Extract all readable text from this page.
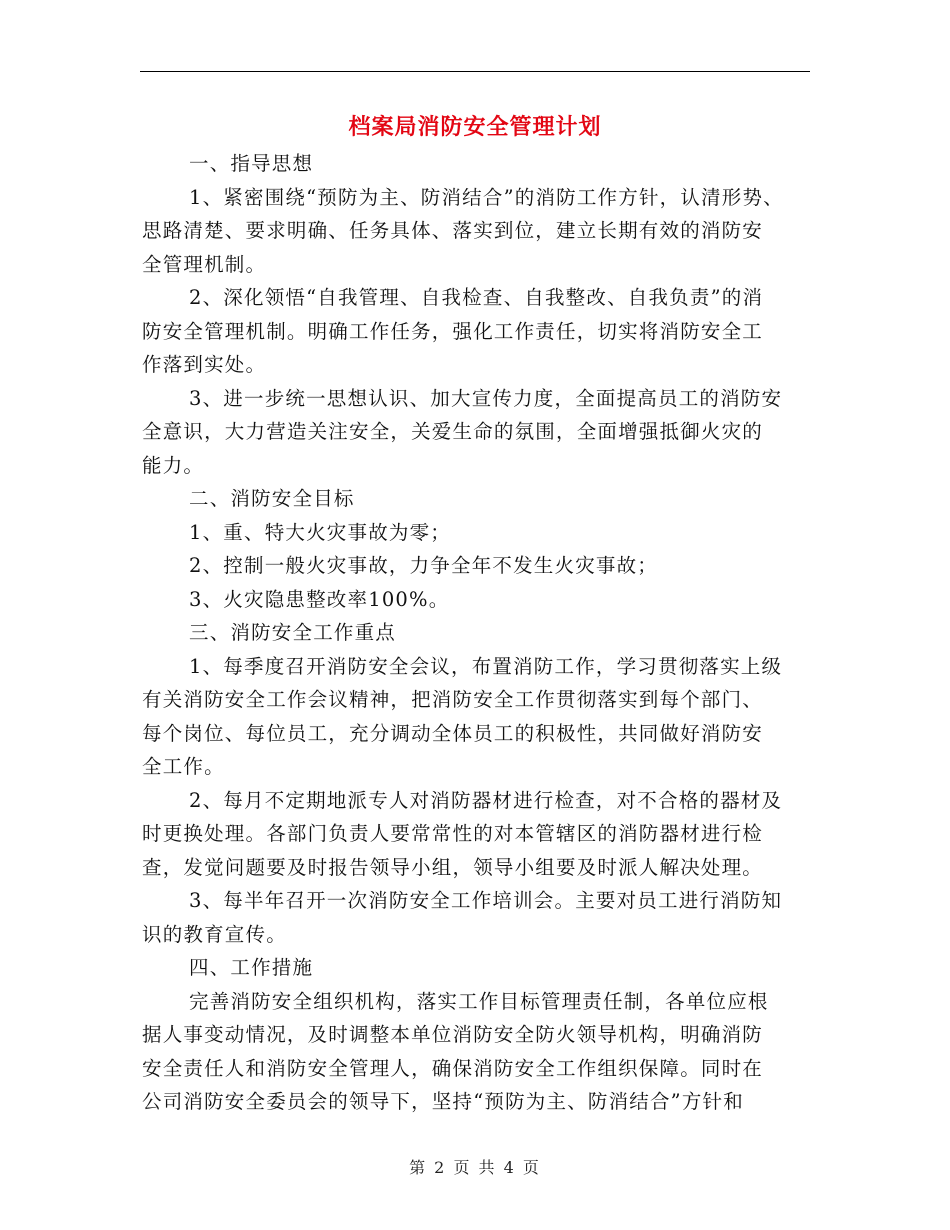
档案局消防安全管理计划
一、指导思想
1、紧密围绕“预防为主、防消结合”的消防工作方针，认清形势、
思路清楚、要求明确、任务具体、落实到位，建立长期有效的消防安
全管理机制。
2、深化领悟“自我管理、自我检查、自我整改、自我负责”的消
防安全管理机制。明确工作任务，强化工作责任，切实将消防安全工
作落到实处。
3、进一步统一思想认识、加大宣传力度，全面提高员工的消防安
全意识，大力营造关注安全，关爱生命的氛围，全面增强抵御火灾的
能力。
二、消防安全目标
1、重、特大火灾事故为零；
2、控制一般火灾事故，力争全年不发生火灾事故；
3、火灾隐患整改率100%。
三、消防安全工作重点
1、每季度召开消防安全会议，布置消防工作，学习贯彻落实上级
有关消防安全工作会议精神，把消防安全工作贯彻落实到每个部门、
每个岗位、每位员工，充分调动全体员工的积极性，共同做好消防安
全工作。
2、每月不定期地派专人对消防器材进行检查，对不合格的器材及
时更换处理。各部门负责人要常常性的对本管辖区的消防器材进行检
查，发觉问题要及时报告领导小组，领导小组要及时派人解决处理。
3、每半年召开一次消防安全工作培训会。主要对员工进行消防知
识的教育宣传。
四、工作措施
完善消防安全组织机构，落实工作目标管理责任制，各单位应根
据人事变动情况，及时调整本单位消防安全防火领导机构，明确消防
安全责任人和消防安全管理人，确保消防安全工作组织保障。同时在
公司消防安全委员会的领导下，坚持“预防为主、防消结合”方针和
第 2 页 共 4 页
